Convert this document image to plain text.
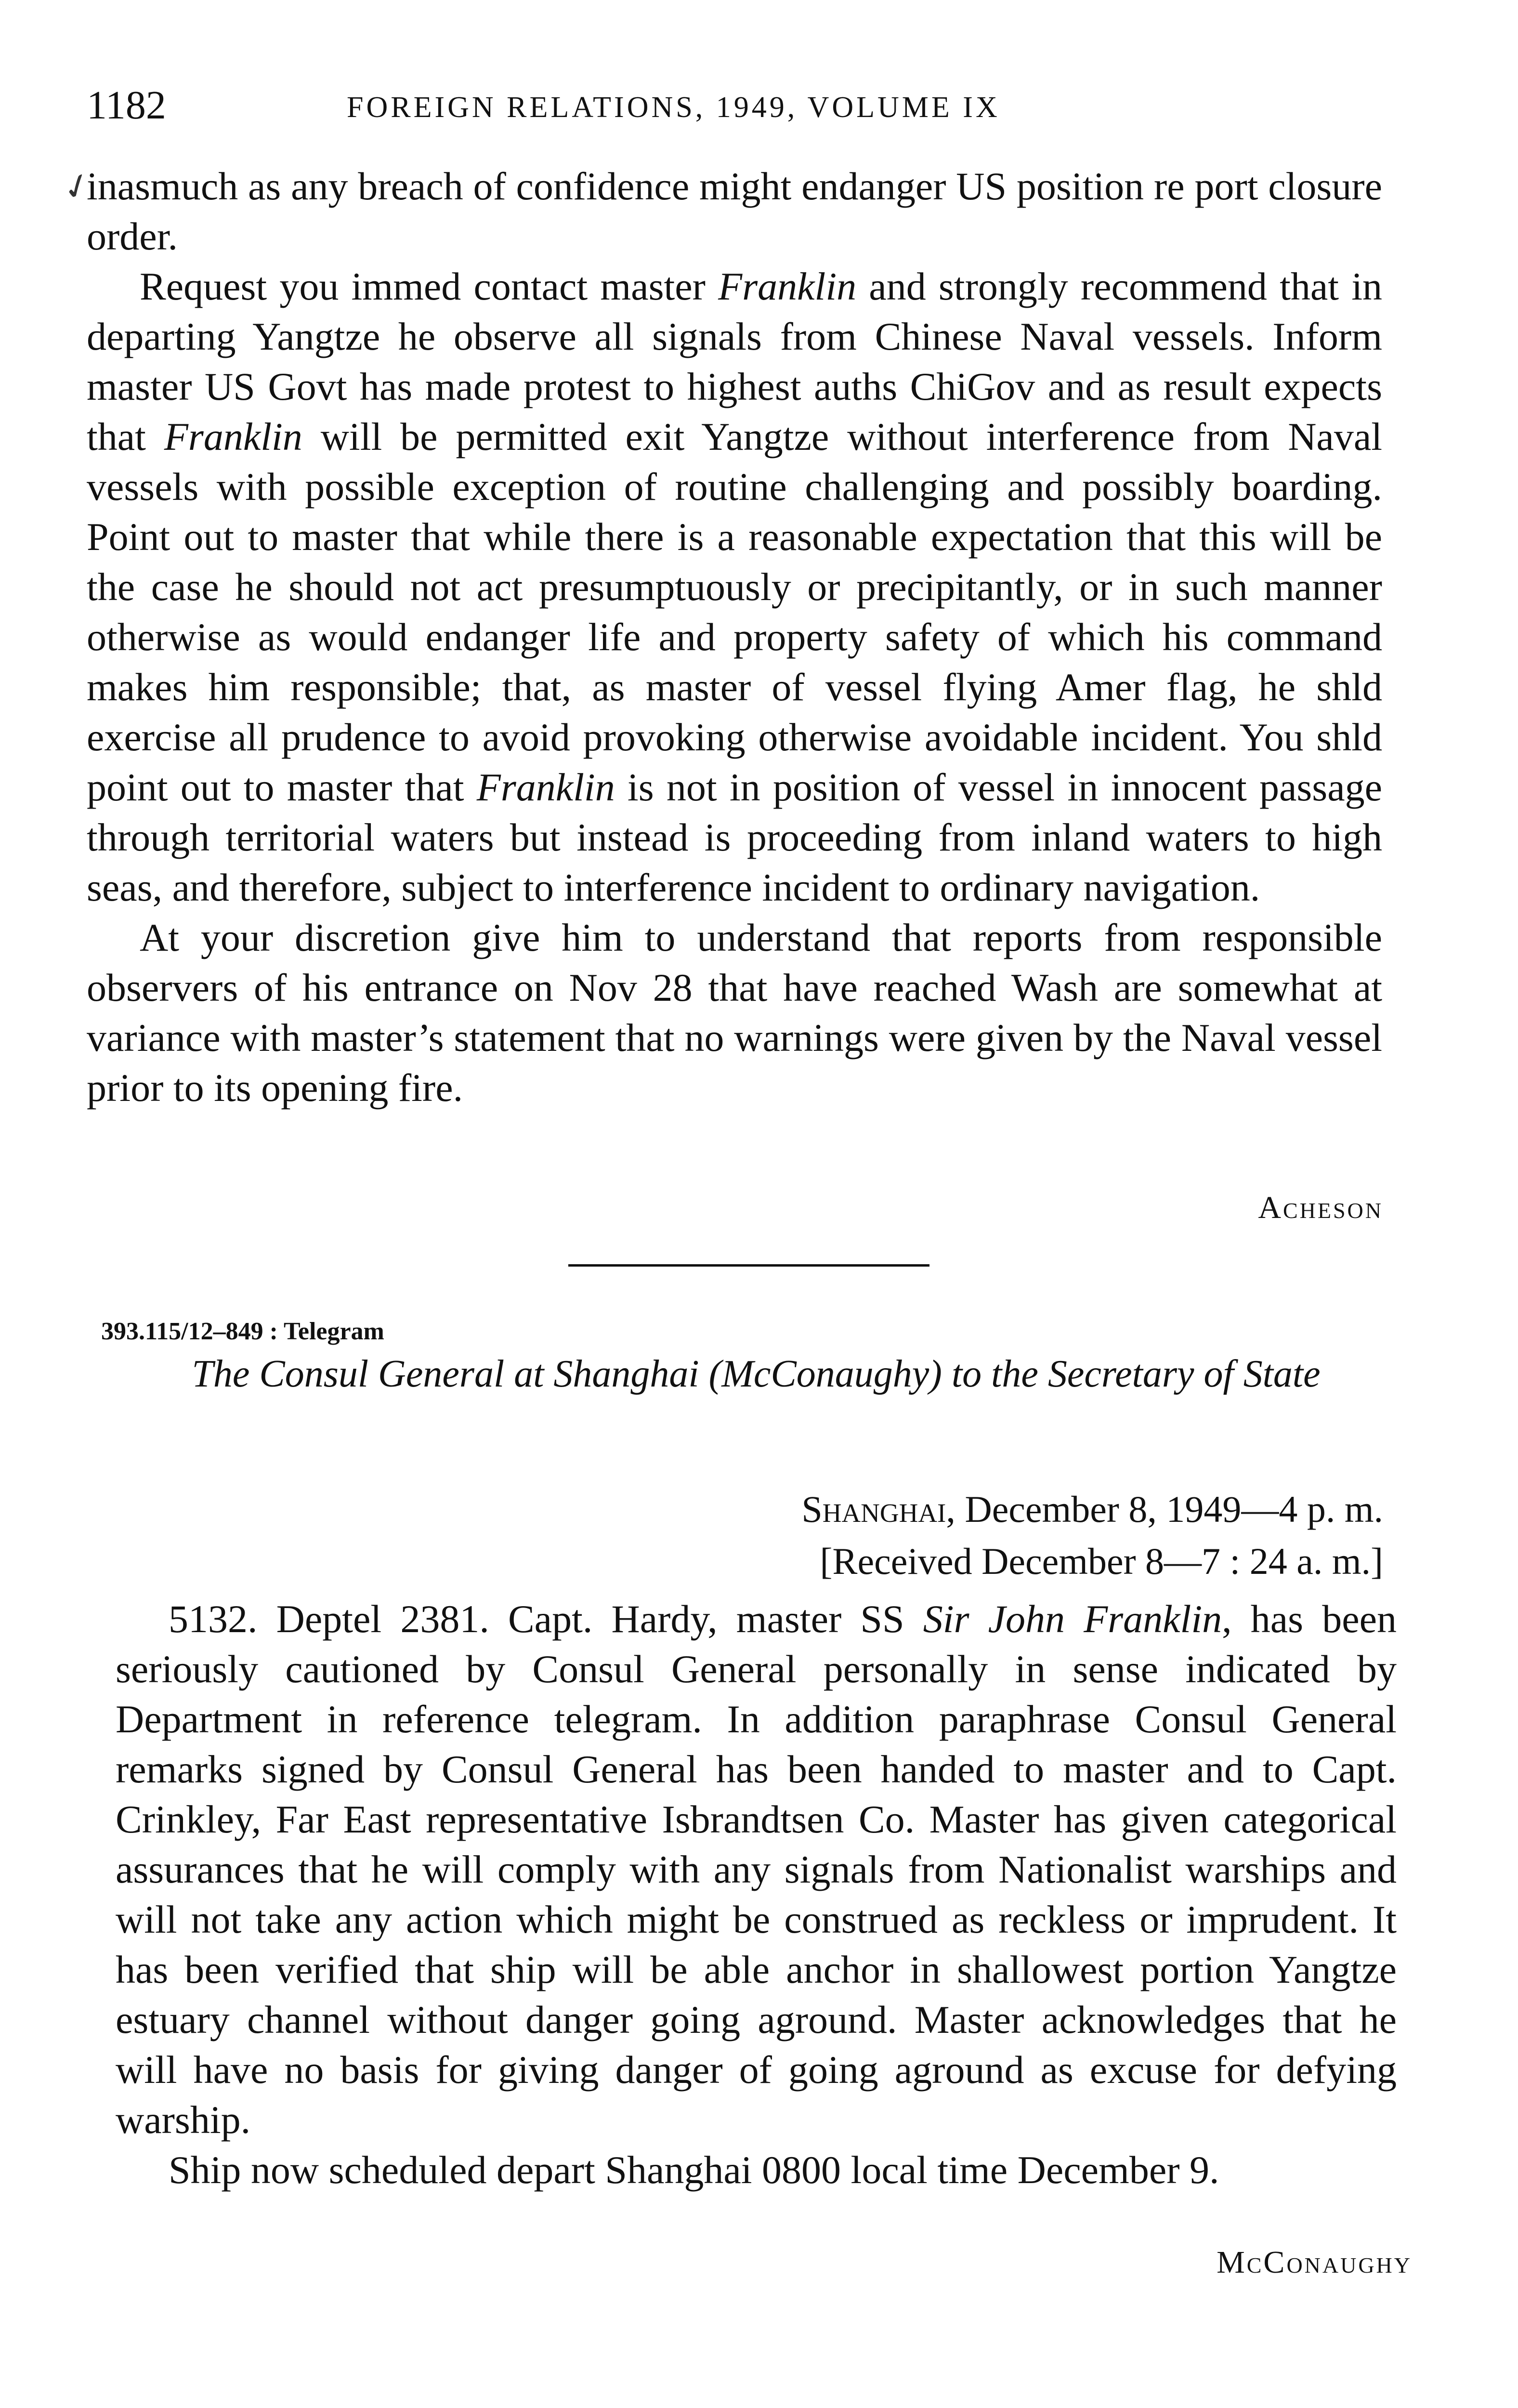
1182	FOREIGN RELATIONS, 1949, VOLUME IX
✓

inasmuch as any breach of confidence might endanger US position re port closure order.

Request you immed contact master Franklin and strongly recommend that in departing Yangtze he observe all signals from Chinese Naval vessels. Inform master US Govt has made protest to highest auths ChiGov and as result expects that Franklin will be permitted exit Yangtze without interference from Naval vessels with possible exception of routine challenging and possibly boarding. Point out to master that while there is a reasonable expectation that this will be the case he should not act presumptuously or precipitantly, or in such manner otherwise as would endanger life and property safety of which his command makes him responsible; that, as master of vessel flying Amer flag, he shld exercise all prudence to avoid provoking otherwise avoidable incident. You shld point out to master that Franklin is not in position of vessel in innocent passage through territorial waters but instead is proceeding from inland waters to high seas, and therefore, subject to interference incident to ordinary navigation.

At your discretion give him to understand that reports from responsible observers of his entrance on Nov 28 that have reached Wash are somewhat at variance with master’s statement that no warnings were given by the Naval vessel prior to its opening fire.

Acheson
393.115/12–849 : Telegram
The Consul General at Shanghai (McConaughy) to the Secretary of State
Shanghai, December 8, 1949—4 p. m.
[Received December 8—7 : 24 a. m.]

5132. Deptel 2381. Capt. Hardy, master SS Sir John Franklin, has been seriously cautioned by Consul General personally in sense indicated by Department in reference telegram. In addition paraphrase Consul General remarks signed by Consul General has been handed to master and to Capt. Crinkley, Far East representative Isbrandtsen Co. Master has given categorical assurances that he will comply with any signals from Nationalist warships and will not take any action which might be construed as reckless or imprudent. It has been verified that ship will be able anchor in shallowest portion Yangtze estuary channel without danger going aground. Master acknowledges that he will have no basis for giving danger of going aground as excuse for defying warship.

Ship now scheduled depart Shanghai 0800 local time December 9.

McConaughy
